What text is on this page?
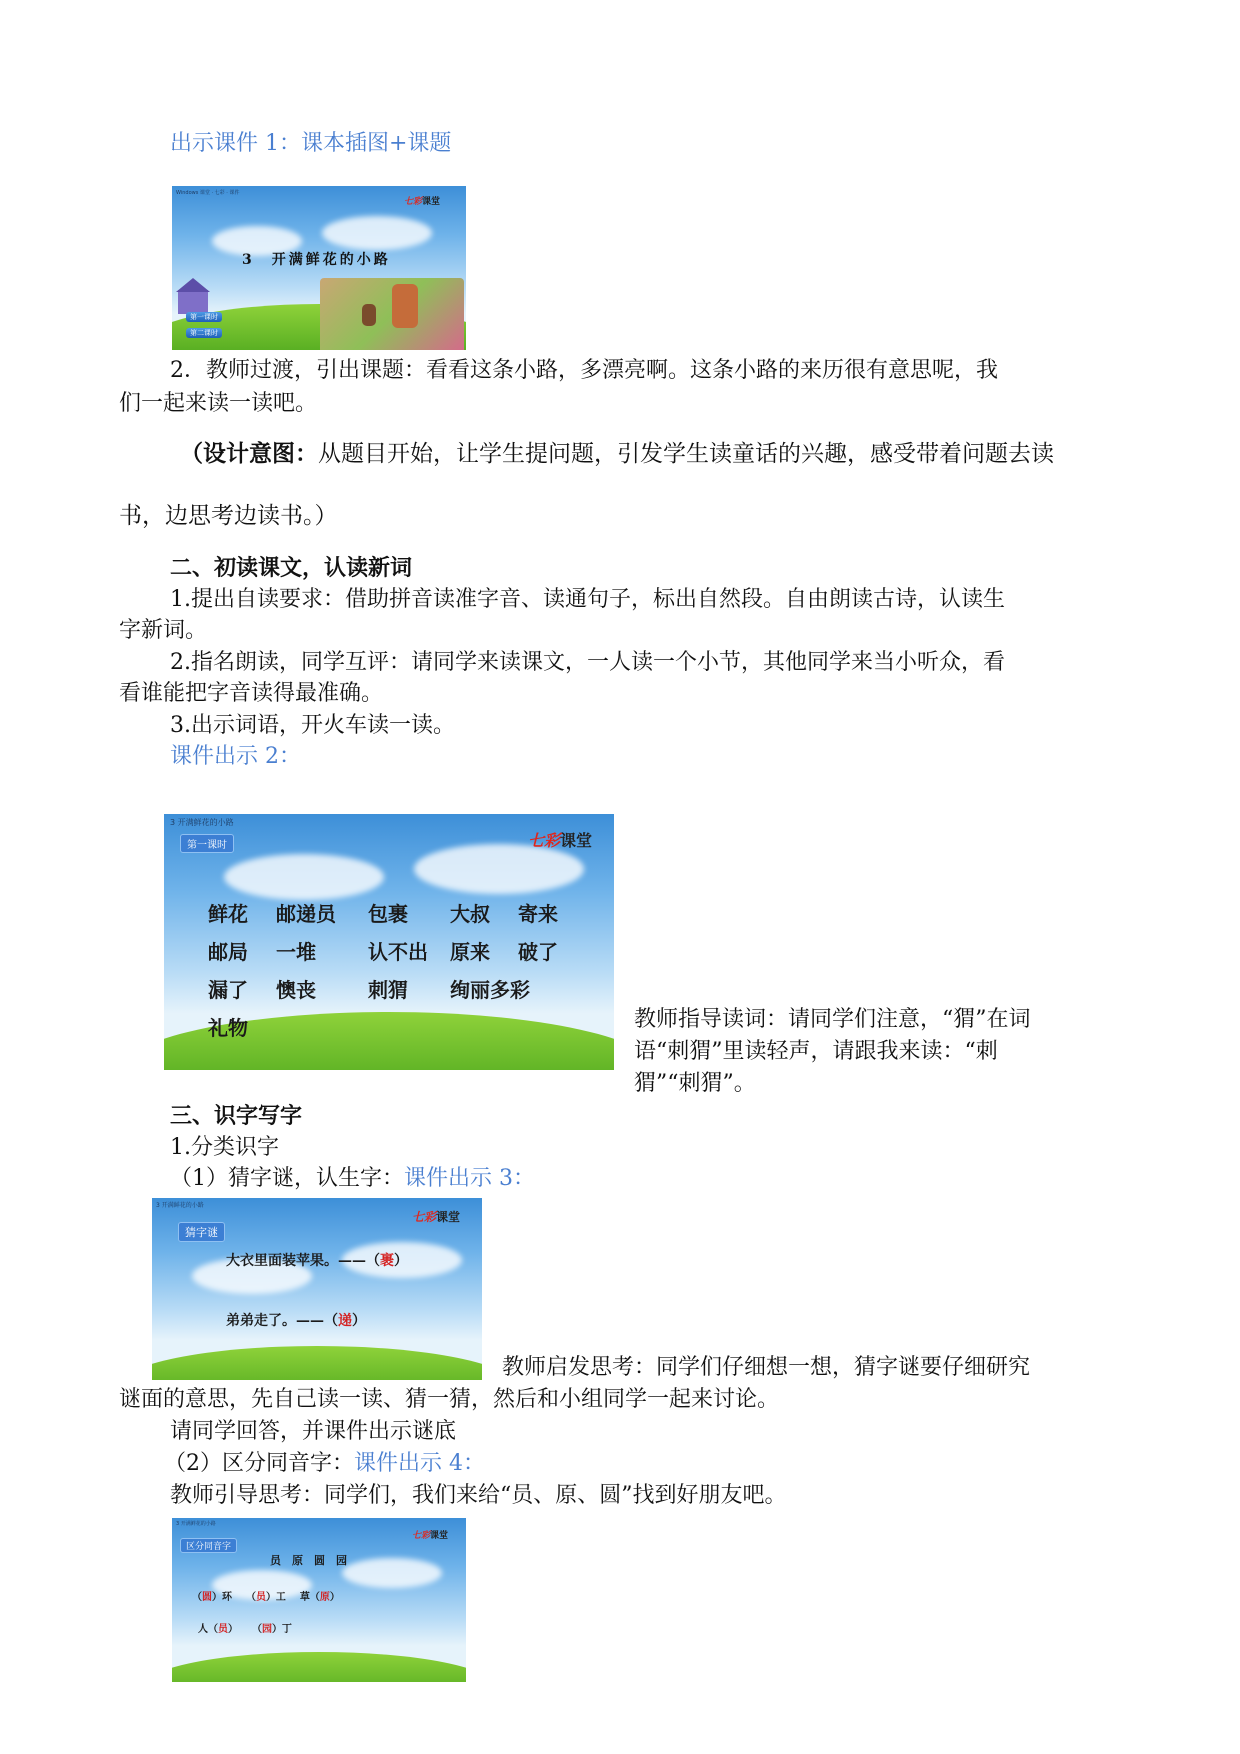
出示课件 1：课本插图+课题
Windows 课堂 · 七彩 · 课件
七彩课堂
3　开满鲜花的小路
第一课时
第二课时
2．教师过渡，引出课题：看看这条小路，多漂亮啊。这条小路的来历很有意思呢，我
们一起来读一读吧。
（设计意图：从题目开始，让学生提问题，引发学生读童话的兴趣，感受带着问题去读
书，边思考边读书。）
二、初读课文，认读新词
1.提出自读要求：借助拼音读准字音、读通句子，标出自然段。自由朗读古诗，认读生
字新词。
2.指名朗读，同学互评：请同学来读课文，一人读一个小节，其他同学来当小听众，看
看谁能把字音读得最准确。
3.出示词语，开火车读一读。
课件出示 2：
3 开满鲜花的小路
第一课时	七彩课堂
鲜花 邮递员 包裹 大叔 寄来
邮局 一堆	认不出 原来 破了
漏了 懊丧	刺猬 绚丽多彩
礼物	教师指导读词：请同学们注意，“猬”在词
语“刺猬”里读轻声，请跟我来读：“刺
猬”“刺猬”。
三、识字写字
1.分类识字
（1）猜字谜，认生字：课件出示 3：
3 开满鲜花的小路
猜字谜
七彩课堂
大衣里面装苹果。——（裹）
弟弟走了。——（递）
教师启发思考：同学们仔细想一想，猜字谜要仔细研究
谜面的意思，先自己读一读、猜一猜，然后和小组同学一起来讨论。
请同学回答，并课件出示谜底
（2）区分同音字：课件出示 4：
教师引导思考：同学们，我们来给“员、原、圆”找到好朋友吧。
3 开满鲜花的小路
区分同音字
七彩课堂
员　原　圆　园
（圆）环 （员）工 草（原）
人（员） （园）丁
